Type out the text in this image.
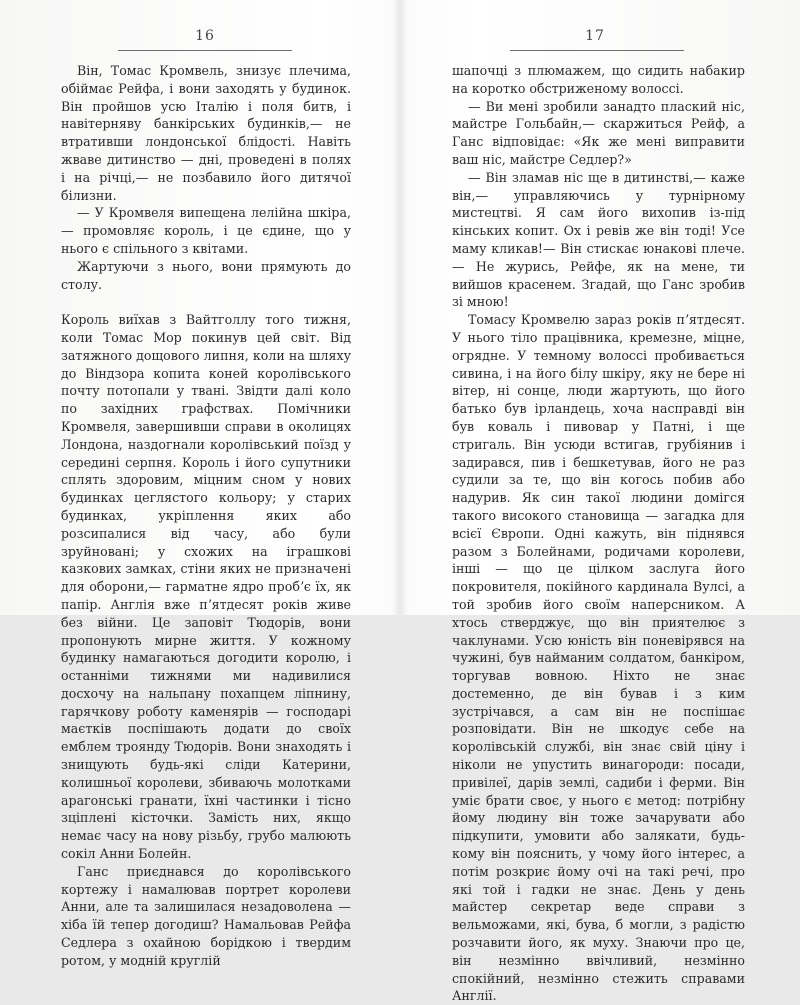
16

Він, Томас Кромвель, знизує плечима, обіймає Рейфа, і вони заходять у будинок. Він пройшов усю Італію і поля битв, і навітерняву банкірських будинків,— не втративши лондонської блідості. Навіть жваве дитинство — дні, проведені в полях і на річці,— не позбавило його дитячої білизни.

— У Кромвеля випещена лелійна шкіра,— промовляє король, і це єдине, що у нього є спільного з квітами.

Жартуючи з нього, вони прямують до столу.

Король виїхав з Вайтголлу того тижня, коли Томас Мор покинув цей світ. Від затяжного дощового липня, коли на шляху до Віндзора копита коней королівського почту потопали у твані. Звідти далі коло по західних графствах. Помічники Кромвеля, завершивши справи в околицях Лондона, наздогнали королівський поїзд у середині серпня. Король і його супутники сплять здоровим, міцним сном у нових будинках цеглястого кольору; у старих будинках, укріплення яких або розсипалися від часу, або були зруйновані; у схожих на іграшкові казкових замках, стіни яких не призначені для оборони,— гарматне ядро пробʼє їх, як папір. Англія вже пʼятдесят років живе без війни. Це заповіт Тюдорів, вони пропонують мирне життя. У кожному будинку намагаються догодити королю, і останніми тижнями ми надивилися досхочу на нальпану похапцем ліпнину, гарячкову роботу каменярів — господарі маєтків поспішають додати до своїх емблем троянду Тюдорів. Вони знаходять і знищують будь-які сліди Катерини, колишньої королеви, збиваючь молотками арагонські гранати, їхні частинки і тісно зціплені кісточки. Замість них, якщо немає часу на нову різьбу, грубо малюють сокіл Анни Болейн.

Ганс приєднався до королівського кортежу і намалював портрет королеви Анни, але та залишилася незадоволена — хіба їй тепер догодиш? Намальовав Рейфа Седлера з охайною борідкою і твердим ротом, у модній круглій

17

шапочці з плюмажем, що сидить набакир на коротко обстриженому волоссі.

— Ви мені зробили занадто плаский ніс, майстре Гольбайн,— скаржиться Рейф, а Ганс відповідає: «Як же мені виправити ваш ніс, майстре Седлер?»

— Він зламав ніс ще в дитинстві,— каже він,— управляючись у турнірному мистецтві. Я сам його вихопив із-під кінських копит. Ох і ревів же він тоді! Усе маму кликав!— Він стискає юнакові плече.— Не журись, Рейфе, як на мене, ти вийшов красенем. Згадай, що Ганс зробив зі мною!

Томасу Кромвелю зараз років пʼятдесят. У нього тіло працівника, кремезне, міцне, огрядне. У темному волоссі пробивається сивина, і на його білу шкіру, яку не бере ні вітер, ні сонце, люди жартують, що його батько був ірландець, хоча насправді він був коваль і пивовар у Патні, і ще стригаль. Він усюди встигав, грубіянив і задирався, пив і бешкетував, його не раз судили за те, що він когось побив або надурив. Як син такої людини домігся такого високого становища — загадка для всієї Європи. Одні кажуть, він піднявся разом з Болейнами, родичами королеви, інші — що це цілком заслуга його покровителя, покійного кардинала Вулсі, а той зробив його своїм наперсником. А хтось стверджує, що він приятелює з чаклунами. Усю юність він поневірявся на чужині, був найманим солдатом, банкіром, торгував вовною. Ніхто не знає достеменно, де він бував і з ким зустрічався, а сам він не поспішає розповідати. Він не шкодує себе на королівській службі, він знає свій ціну і ніколи не упустить винагороди: посади, привілеї, дарів землі, садиби і ферми. Він уміє брати своє, у нього є метод: потрібну йому людину він тоже зачарувати або підкупити, умовити або залякати, будь-кому він пояснить, у чому його інтерес, а потім розкриє йому очі на такі речі, про які той і гадки не знає. День у день майстер секретар веде справи з вельможами, які, бува, б могли, з радістю розчавити його, як муху. Знаючи про це, він незмінно ввічливий, незмінно спокійний, незмінно стежить справами Англії.
